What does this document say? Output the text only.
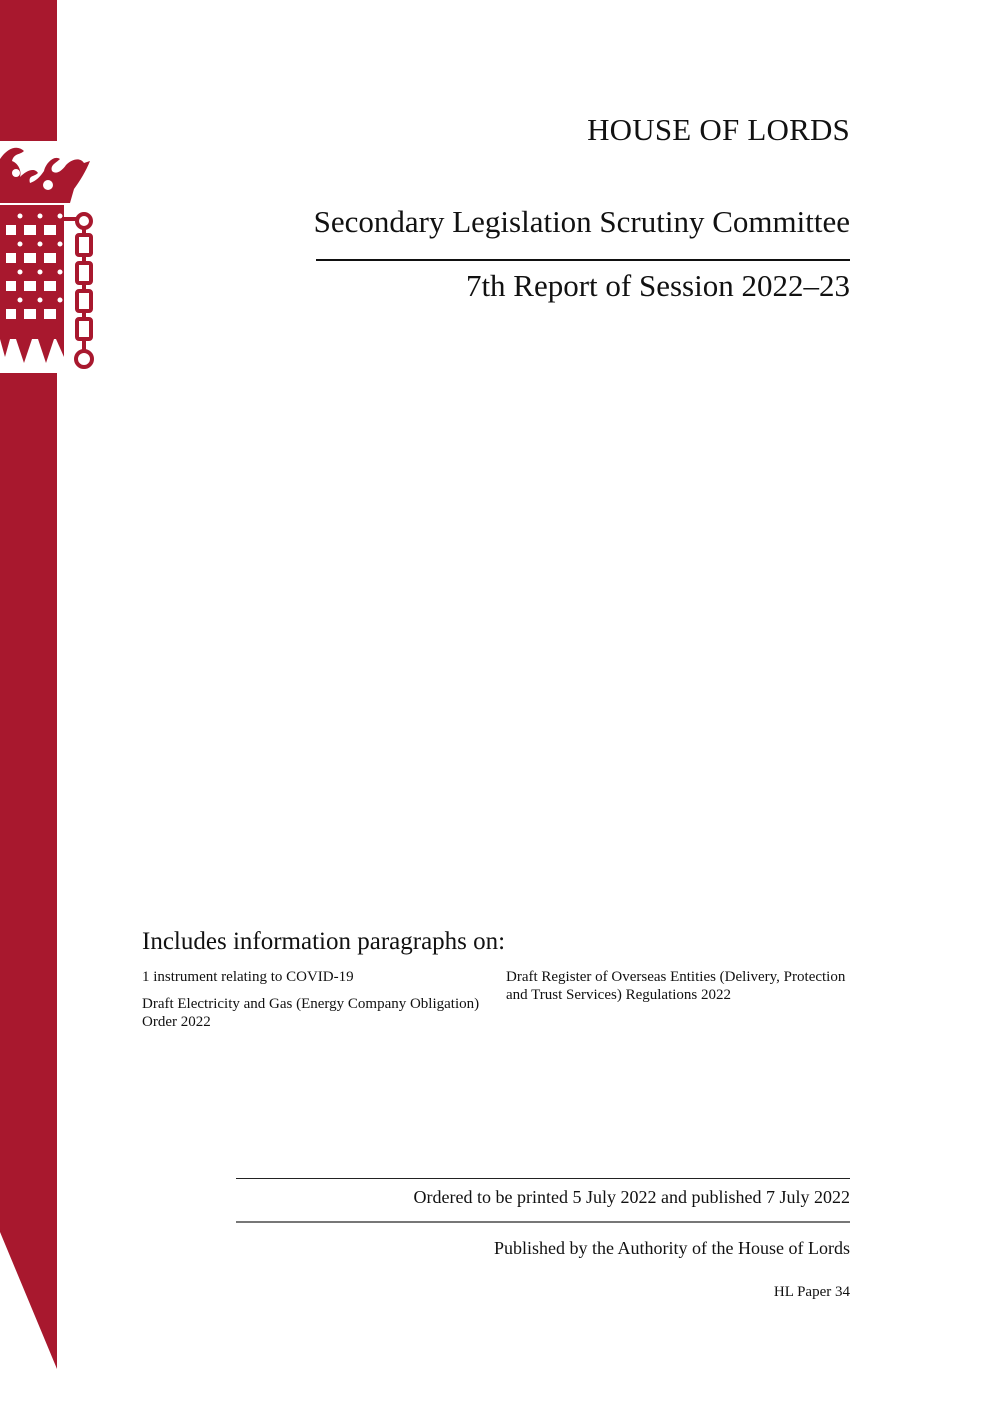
HOUSE OF LORDS
Secondary Legislation Scrutiny Committee
7th Report of Session 2022–23
Includes information paragraphs on:

1 instrument relating to COVID-19

Draft Electricity and Gas (Energy Company Obligation) Order 2022

Draft Register of Overseas Entities (Delivery, Protection and Trust Services) Regulations 2022

Ordered to be printed 5 July 2022 and published 7 July 2022
Published by the Authority of the House of Lords
HL Paper 34
